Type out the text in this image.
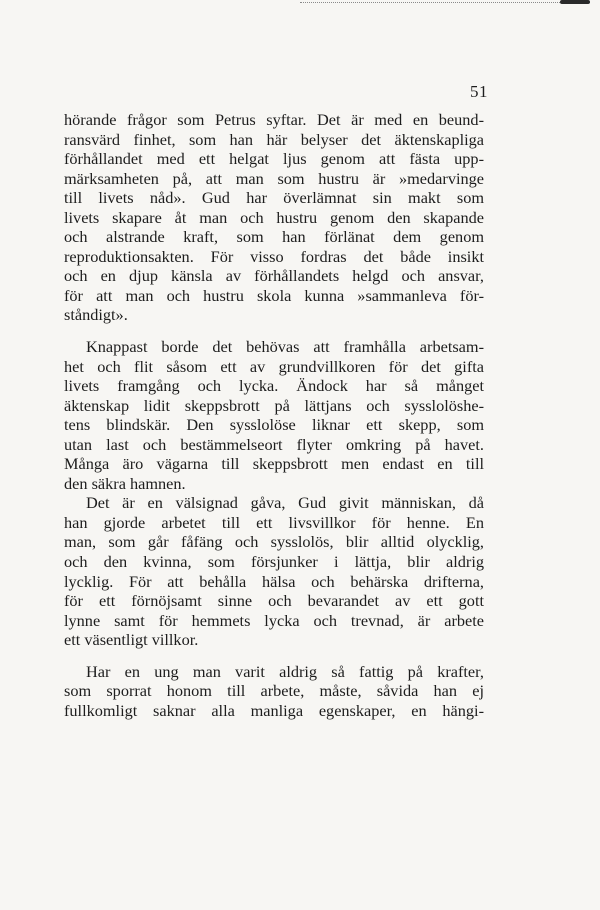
51
hörande frågor som Petrus syftar. Det är med en beund-
ransvärd finhet, som han här belyser det äktenskapliga
förhållandet med ett helgat ljus genom att fästa upp-
märksamheten på, att man som hustru är »medarvinge
till livets nåd». Gud har överlämnat sin makt som
livets skapare åt man och hustru genom den skapande
och alstrande kraft, som han förlänat dem genom
reproduktionsakten. För visso fordras det både insikt
och en djup känsla av förhållandets helgd och ansvar,
för att man och hustru skola kunna »sammanleva för-
ståndigt».
Knappast borde det behövas att framhålla arbetsam-
het och flit såsom ett av grundvillkoren för det gifta
livets framgång och lycka. Ändock har så månget
äktenskap lidit skeppsbrott på lättjans och sysslolöshe-
tens blindskär. Den sysslolöse liknar ett skepp, som
utan last och bestämmelseort flyter omkring på havet.
Många äro vägarna till skeppsbrott men endast en till
den säkra hamnen.
Det är en välsignad gåva, Gud givit människan, då
han gjorde arbetet till ett livsvillkor för henne. En
man, som går fåfäng och sysslolös, blir alltid olycklig,
och den kvinna, som försjunker i lättja, blir aldrig
lycklig. För att behålla hälsa och behärska drifterna,
för ett förnöjsamt sinne och bevarandet av ett gott
lynne samt för hemmets lycka och trevnad, är arbete
ett väsentligt villkor.
Har en ung man varit aldrig så fattig på krafter,
som sporrat honom till arbete, måste, såvida han ej
fullkomligt saknar alla manliga egenskaper, en hängi-
